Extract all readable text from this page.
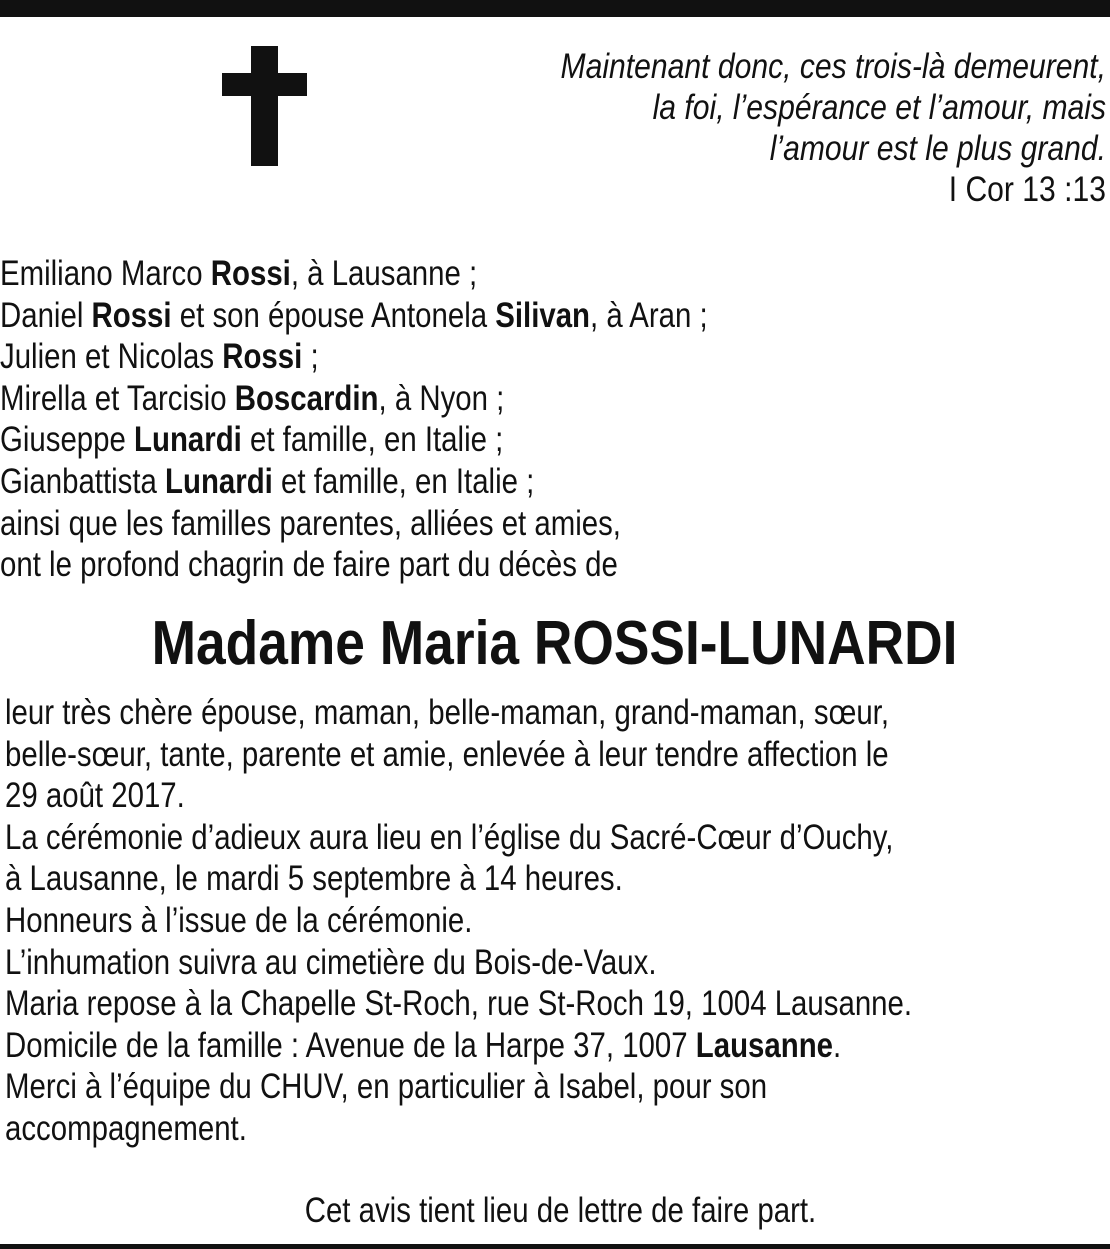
Maintenant donc, ces trois-là demeurent,
la foi, l’espérance et l’amour, mais
l’amour est le plus grand.
I Cor 13 :13
Emiliano Marco Rossi, à Lausanne ;
Daniel Rossi et son épouse Antonela Silivan, à Aran ;
Julien et Nicolas Rossi ;
Mirella et Tarcisio Boscardin, à Nyon ;
Giuseppe Lunardi et famille, en Italie ;
Gianbattista Lunardi et famille, en Italie ;
ainsi que les familles parentes, alliées et amies,
ont le profond chagrin de faire part du décès de
Madame Maria ROSSI-LUNARDI
leur très chère épouse, maman, belle-maman, grand-maman, sœur,
belle-sœur, tante, parente et amie, enlevée à leur tendre affection le
29 août 2017.
La cérémonie d’adieux aura lieu en l’église du Sacré-Cœur d’Ouchy,
à Lausanne, le mardi 5 septembre à 14 heures.
Honneurs à l’issue de la cérémonie.
L’inhumation suivra au cimetière du Bois-de-Vaux.
Maria repose à la Chapelle St-Roch, rue St-Roch 19, 1004 Lausanne.
Domicile de la famille : Avenue de la Harpe 37, 1007 Lausanne.
Merci à l’équipe du CHUV, en particulier à Isabel, pour son
accompagnement.
Cet avis tient lieu de lettre de faire part.
